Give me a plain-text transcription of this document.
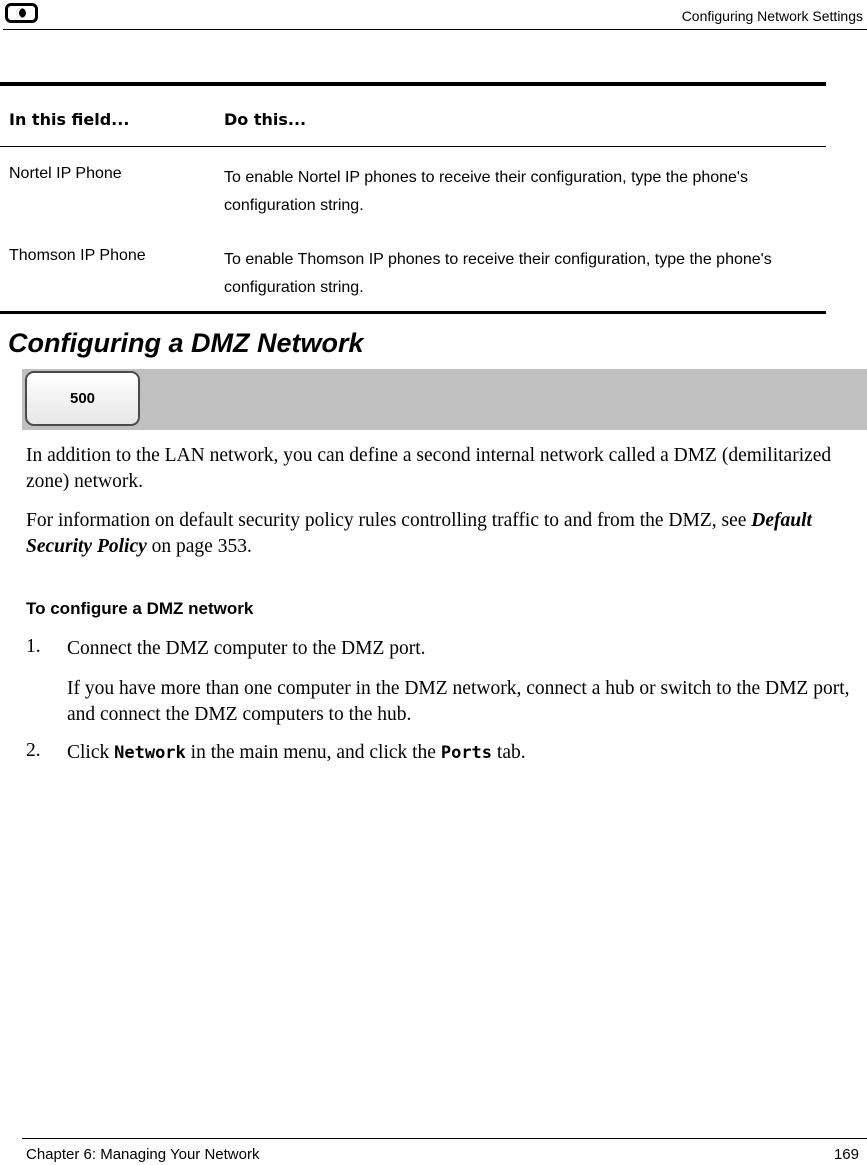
Configuring Network Settings
In this field...	Do this...
Nortel IP Phone	To enable Nortel IP phones to receive their configuration, type the phone's configuration string.
Thomson IP Phone	To enable Thomson IP phones to receive their configuration, type the phone's configuration string.
Configuring a DMZ Network
500
In addition to the LAN network, you can define a second internal network called a DMZ (demilitarized zone) network.
For information on default security policy rules controlling traffic to and from the DMZ, see Default Security Policy on page 353.
To configure a DMZ network
1. Connect the DMZ computer to the DMZ port.
If you have more than one computer in the DMZ network, connect a hub or switch to the DMZ port, and connect the DMZ computers to the hub.
2. Click Network in the main menu, and click the Ports tab.
Chapter 6: Managing Your Network	169
